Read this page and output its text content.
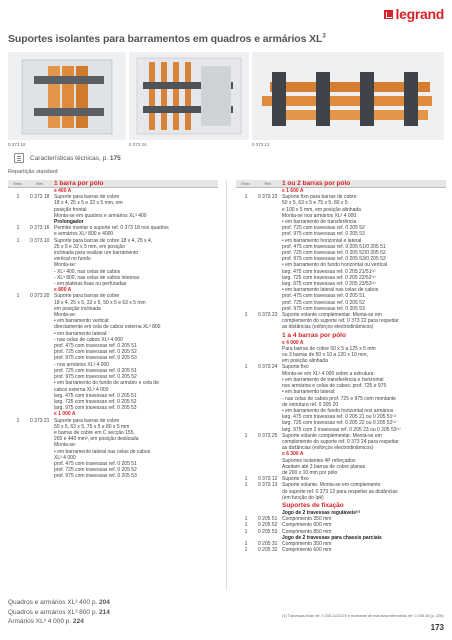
legrand
Suportes isolantes para barramentos em quadros e armários $XL^3$
0 373 18	0 373 24	0 373 12
Características técnicas, p. 175
Repartição standard
Emb.	Ref.	1 barra por pólo
≤ 400 A
1	0 373 18 Suporte para barras de cobre
18 x 4, 25 x 5 e 32 x 5 mm, em
posição frontal
Monta-se em quadros e armários XL³ 400
Prolongador
1	0 373 16 Permite montar o suporte ref. 0 373 18 nos quadros
e armários XL³ 800 e 4000
1	0 373 10 Suporte para barras de cobre 18 x 4, 25 x 4,
25 x 5 e 32 x 5 mm, em posição
inclinada para realizar um barramento
vertical no fundo
Monta-se:
- XL³ 400, nas celas de cabos
- XL³ 800, nas celas de cabos internas
- em platinas lisas ou perfuradas
≤ 800 A
1	0 373 20 Suporte para barras de cobre
18 x 4, 25 x 5, 32 x 5, 50 x 5 e 63 x 5 mm
em posição inclinada
Monta-se:
• em barramento vertical:
directamente em cela de cabos externa XL³ 800
• em barramento lateral:
- nas celas de cabos XL³ 4 000
prof. 475 com travessas ref. 0 205 51
prof. 725 com travessas ref. 0 205 52
prof. 975 com travessas ref. 0 205 53
- nos armários XL³ 4 000
prof. 725 com travessas ref. 0 205 51
prof. 975 com travessas ref. 0 205 52
• em barramento do fundo de armário e cela de
cabos externa XL³ 4 000
larg. 475 com travessas ref. 0 205 51
larg. 725 com travessas ref. 0 205 52
larg. 975 com travessas ref. 0 205 53
≤ 1 000 A
1	0 373 21 Suporte para barras de cobre
50 x 5, 63 x 5, 75 x 5 e 80 x 5 mm
e barras de cobre em C secção 155,
265 e 440 mm², em posição deslizada
Monta-se:
• em barramento lateral nas celas de cabos
XL³ 4 000
prof. 475 com travessas ref. 0 205 51
prof. 725 com travessas ref. 0 205 52
prof. 975 com travessas ref. 0 205 53
Emb.	Ref.	1 ou 2 barras por pólo
≤ 1 600 A
1	0 373 22 Suporte fixo para barras de cobre
50 x 5, 63 x 5 e 75 x 5, 80 x 5
e 100 x 5 mm, em posição alinhada
Monta-se nos armários XL³ 4 000:
• em barramento de transferência
prof. 725 com travessas ref. 0 205 52
prof. 975 com travessas ref. 0 205 53
• em barramento horizontal e lateral
prof. 475 com travessas ref. 0 205 51/0 205 51
prof. 725 com travessas ref. 0 205 52/0 205 52
prof. 975 com travessas ref. 0 205 53/0 205 53
• em barramento do fundo horizontal ou vertical
larg. 475 com travessas ref. 0 205 21/51⁽¹⁾
larg. 725 com travessas ref. 0 205 22/52⁽¹⁾
larg. 975 com travessas ref. 0 205 23/53⁽¹⁾
• em barramento lateral nas celas de cabos
prof. 475 com travessas ref. 0 205 51
prof. 725 com travessas ref. 0 205 52
prof. 975 com travessas ref. 0 205 53
1	0 373 23 Suporte volante complementar. Monta-se em
complemento do suporte ref. 0 373 22 para respeitar
as distâncias (esforços electrodinâmicos)
1 a 4 barras por pólo
≤ 4 000 A
Para barras de cobre 50 x 5 a 125 x 5 mm
ou 3 barras de 50 x 10 a 120 x 10 mm,
em posição alinhada
1	0 373 24 Suporte fixo
Monta-se em XL³ 4 000 sobre a estrutura:
• em barramento de transferência e horizontal
nos armários e celas de cabos: prof. 725 e 975
• em barramento lateral:
- nas celas de cabos prof. 725 e 975 com montante
de estrutura ref. 0 205 20
• em barramento de fundo horizontal nos armários
larg. 475 com travessas ref. 0 205 21 ou 0 205 51⁽¹⁾
larg. 725 com travessas ref. 0 205 22 ou 0 205 52⁽¹⁾
larg. 975 com 2 travessas ref. 0 205 23 ou 0 205 53⁽¹⁾
1	0 373 25 Suporte volante complementar. Monta-se em
complemento do suporte ref. 0 373 24 para respeitar
as distâncias (esforços electrodinâmicos)
≤ 6 300 A
Suportes isolantes 4P reforçados
Aceitam até 3 barras de cobre planas
de 200 x 10 mm por pólo
1	0 373 12 Suporte fixo
1	0 373 13 Suporte volante. Monta-se em complemento
do suporte ref. 0 373 12 para respeitar as distâncias
(em função do Ipk)
Suportes de fixação
Jogo de 2 travessas reguláveis⁽¹⁾
1	0 205 51 Comprimento 350 mm
1	0 205 52 Comprimento 600 mm
1	0 205 53 Comprimento 850 mm
Jogo de 2 travessas para chassis parciais
1	0 205 31 Comprimento 350 mm
1	0 205 32 Comprimento 600 mm
Quadros e armários XL³ 400 p. 204
Quadros e armários XL³ 800 p. 214
Armários XL³ 4 000 p. 224
(1) Travessas fixas ref. 0 205 21/22/23 e montante de estrutura intermédio ref. 0 205 26 (p. 226)
173
